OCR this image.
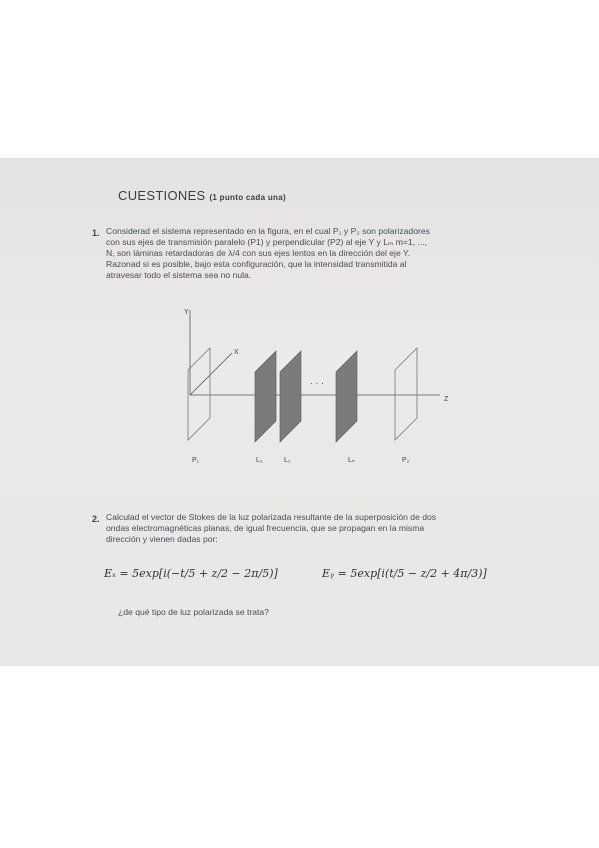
CUESTIONES (1 punto cada una)
1. Considerad el sistema representado en la figura, en el cual P₁ y P₂ son polarizadores
con sus ejes de transmisión paralelo (P1) y perpendicular (P2) al eje Y y Lₘ m=1, ...,
N, son láminas retardadoras de λ/4 con sus ejes lentos en la dirección del eje Y.
Razonad si es posible, bajo esta configuración, que la intensidad transmitida al
atravesar todo el sistema sea no nula.
Y
X
Z
· · ·
P₁	L₁	L₂	Lₙ	P₂
2. Calculad el vector de Stokes de la luz polarizada resultante de la superposición de dos
ondas electromagnéticas planas, de igual frecuencia, que se propagan en la misma
dirección y vienen dadas por:
Eₓ = 5exp[i(−t/5 + z/2 − 2π/5)]	Eᵧ = 5exp[i(t/5 − z/2 + 4π/3)]
¿de qué tipo de luz polarizada se trata?
